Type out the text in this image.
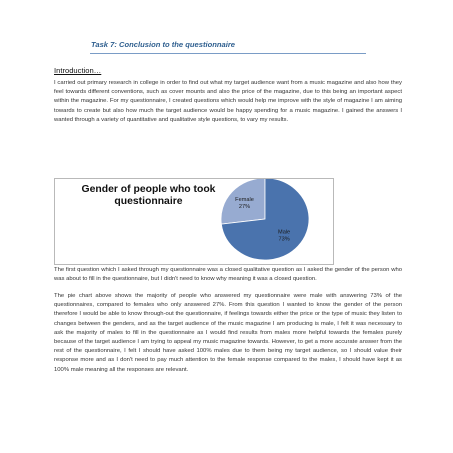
Task 7: Conclusion to the questionnaire
Introduction…

I carried out primary research in college in order to find out what my target audience want from a music magazine and also how they feel towards different conventions, such as cover mounts and also the price of the magazine, due to this being an important aspect within the magazine. For my questionnaire, I created questions which would help me improve with the style of magazine I am aiming towards to create but also how much the target audience would be happy spending for a music magazine. I gained the answers I wanted through a variety of quantitative and qualitative style questions, to vary my results.

Gender of people who took questionnaire	Female
27%
Male
73%

The first question which I asked through my questionnaire was a closed qualitative question as I asked the gender of the person who was about to fill in the questionnaire, but I didn't need to know why meaning it was a closed question.

The pie chart above shows the majority of people who answered my questionnaire were male with answering 73% of the questionnaires, compared to females who only answered 27%. From this question I wanted to know the gender of the person therefore I would be able to know through-out the questionnaire, if feelings towards either the price or the type of music they listen to changes between the genders, and as the target audience of the music magazine I am producing is male, I felt it was necessary to ask the majority of males to fill in the questionnaire as I would find results from males more helpful towards the females purely because of the target audience I am trying to appeal my music magazine towards. However, to get a more accurate answer from the rest of the questionnaire, I felt I should have asked 100% males due to them being my target audience, so I should value their response more and as I don't need to pay much attention to the female response compared to the males, I should have kept it as 100% male meaning all the responses are relevant.
